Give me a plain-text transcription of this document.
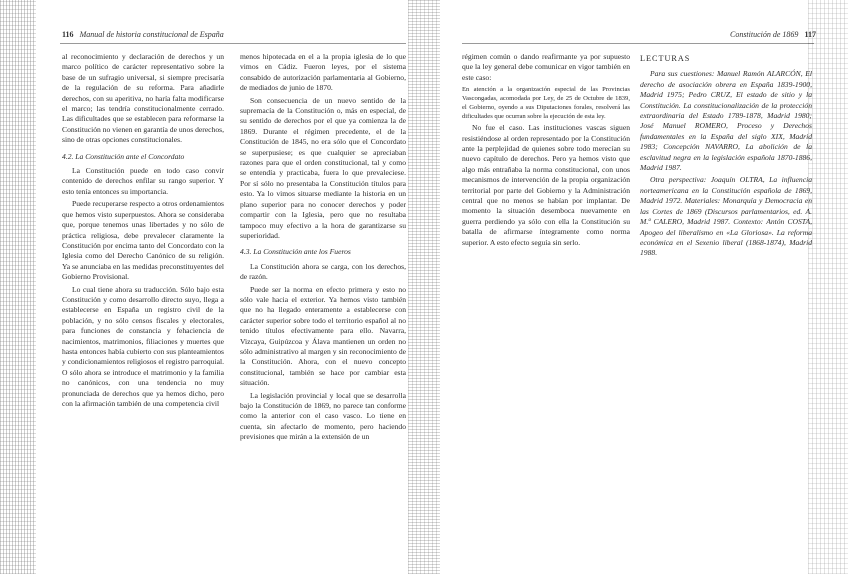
116 Manual de historia constitucional de España

al reconocimiento y declaración de derechos y un marco político de carácter representativo sobre la base de un sufragio universal, si siempre precisaría de la regulación de su reforma. Para añadirle derechos, con su aperitiva, no haría falta modificarse el marco; las tendría constitucionalmente cerrado. Las dificultades que se establecen para reformarse la Constitución no vienen en garantía de unos derechos, sino de otras opciones constitucionales.

4.2. La Constitución ante el Concordato

La Constitución puede en todo caso convir contenido de derechos enfilar su rango superior. Y esto tenía entonces su importancia.

Puede recuperarse respecto a otros ordenamientos que hemos visto superpuestos. Ahora se consideraba que, porque tenemos unas libertades y no sólo de práctica religiosa, debe prevalecer claramente la Constitución por encima tanto del Concordato con la Iglesia como del Derecho Canónico de su religión. Ya se anunciaba en las medidas preconstituyentes del Gobierno Provisional.

Lo cual tiene ahora su traducción. Sólo bajo esta Constitución y como desarrollo directo suyo, llega a establecerse en España un registro civil de la población, y no sólo censos fiscales y electorales, para funciones de constancia y fehaciencia de nacimientos, matrimonios, filiaciones y muertes que hasta entonces había cubierto con sus planteamientos y condicionamientos religiosos el registro parroquial. O sólo ahora se introduce el matrimonio y la familia no canónicos, con una tendencia no muy pronunciada de derechos que ya hemos dicho, pero con la afirmación también de una competencia civil

menos hipotecada en el a la propia iglesia de lo que vimos en Cádiz. Fueron leyes, por el sistema consabido de autorización parlamentaria al Gobierno, de mediados de junio de 1870.

Son consecuencia de un nuevo sentido de la supremacía de la Constitución o, más en especial, de su sentido de derechos por el que ya comienza la de 1869. Durante el régimen precedente, el de la Constitución de 1845, no era sólo que el Concordato se superpusiese; es que cualquier se apreciaban razones para que el orden constitucional, tal y como se entendía y practicaba, fuera lo que prevaleciese. Por sí sólo no presentaba la Constitución títulos para esto. Ya lo vimos situarse mediante la historia en un plano superior para no conocer derechos y poder compartir con la Iglesia, pero que no resultaba tampoco muy efectivo a la hora de garantizarse su superioridad.

4.3. La Constitución ante los Fueros

La Constitución ahora se carga, con los derechos, de razón.

Puede ser la norma en efecto primera y esto no sólo vale hacia el exterior. Ya hemos visto también que no ha llegado enteramente a establecerse con carácter superior sobre todo el territorio español al no tenido títulos efectivamente para ello. Navarra, Vizcaya, Guipúzcoa y Álava mantienen un orden no sólo administrativo al margen y sin reconocimiento de la Constitución. Ahora, con el nuevo concepto constitucional, también se hace por cambiar esta situación.

La legislación provincial y local que se desarrolla bajo la Constitución de 1869, no parece tan conforme como la anterior con el caso vasco. Lo tiene en cuenta, sin afectarlo de momento, pero haciendo previsiones que mirán a la extensión de un

Constitución de 1869 117

régimen común o dando reafirmante ya por supuesto que la ley general debe comunicar en vigor también en este caso:

En atención a la organización especial de las Provincias Vascongadas, acomodada por Ley, de 25 de Octubre de 1839, el Gobierno, oyendo a sus Diputaciones forales, resolverá las dificultades que ocurran sobre la ejecución de esta ley.

No fue el caso. Las instituciones vascas siguen resistiéndose al orden representado por la Constitución ante la perplejidad de quienes sobre todo merecían su nuevo capítulo de derechos. Pero ya hemos visto que algo más entrañaba la norma constitucional, con unos mecanismos de intervención de la propia organización territorial por parte del Gobierno y la Administración central que no menos se habían por implantar. De momento la situación desemboca nuevamente en guerra perdiendo ya sólo con ella la Constitución su batalla de afirmarse íntegramente como norma superior. A esto efecto seguía sin serlo.

LECTURAS

Para sus cuestiones: Manuel Ramón ALARCÓN, El derecho de asociación obrera en España 1839-1900, Madrid 1975; Pedro CRUZ, El estado de sitio y la Constitución. La constitucionalización de la protección extraordinaria del Estado 1789-1878, Madrid 1980; José Manuel ROMERO, Proceso y Derechos fundamentales en la España del siglo XIX, Madrid 1983; Concepción NAVARRO, La abolición de la esclavitud negra en la legislación española 1870-1886, Madrid 1987.

Otra perspectiva: Joaquín OLTRA, La influencia norteamericana en la Constitución española de 1869, Madrid 1972. Materiales: Monarquía y Democracia en las Cortes de 1869 (Discursos parlamentarios, ed. A. M.ª CALERO, Madrid 1987. Contexto: Antón COSTA, Apogeo del liberalismo en «La Gloriosa». La reforma económica en el Sexenio liberal (1868-1874), Madrid 1988.
